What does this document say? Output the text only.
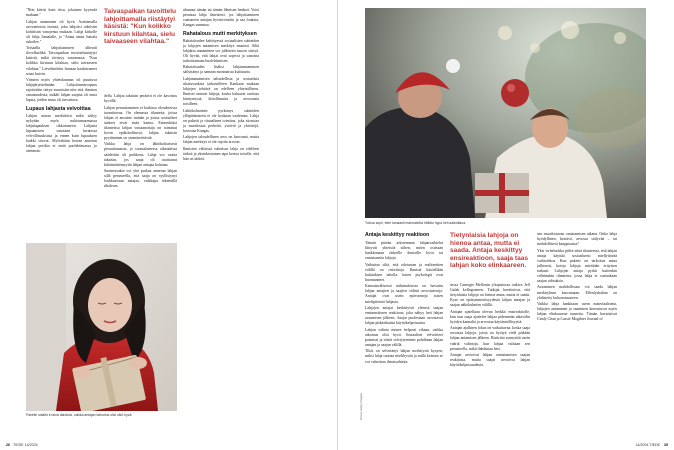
"Niin kävisi kuin riisu, jokainen kyynvää mukaan."

Lahjan antaminen oli hyvä. Asettamalla avovanteista itsensä, joka lahjoitti oikeisiin kohtiisiin vanojensa mukaan. Lahja kirkolle oli lahja Jumalalle, ja "Antaa antaa Jumala rukoilee."

Toisaalla lahjoittaminen alheutti ilovelkailikä. Taivaspaikan tavoitteluistäytyi käsistä, mikä tävistyy sanomassa: "Kun kolikko kirstuun kilahtaa, sielu taivaaseen vilahtaa." Lievelmöitiin hintaan kauhistuneet sotaa kuivin.

Viimein myös yhteiskunnan oli puuttuva lahjajärjestelmään. Lahjoittamisvapaus rajoitettiin tietyn suuruisiin niin että ihmisen omaisuudesta, mikäli lahjan saajina oli omia lapsia, joiden etuus oli turvattava.

Lupaus lahjasta velvoittaa

Lahjan seuraa merkittävä mikä säilyy nykyään myös nuhtaamuomassa lahjalupauksen rikkomiseen. Lahjasta lupaamisen sanotaan luvatessa velvollisuuksista ja ennen kuin lupauksen kaikki sitovat. Mylvekään kerran annetun lahjan perikin ei enää puolehtimassa jo aiemmin.

Taivaspaikan tavoittelu lahjoittamalla riistäytyi käsistä: "Kun kolikko kirstuun kilahtaa, sielu taivaaseen vilahtaa."

della. Lahjaa takaisin peräävä ei ole kasvatus hyvällä.

Lahjan peruuttaminen ei kaikissa olosuhteissa tuomittavaa. On olemassa tilanteita, joissa lahjan ei ansaitse mitään ja joissa sosiaaliset suhteet eivät enää kanna. Esimerkiksi tilanteissa lahjan vastaanottaja on toiminut kovin epäkiitollisesti, lahjan takaisin pyytäminen on ymmärrettävää.

Vaikka lahja on lähtökohtaisesti peruuttamaton, jo toomalainessa oikeudessa säädettiin oli poikkeus. Lahja voi vaatia takaisin, jos saaja oli osoittanut kiittämättömyyttä lahjan antajaa kohtaan.

Suomessakin voi yhä purkaa annetun lahjan sillä perusteella, että saaja on syyllistynyt loukkaavaan antajaa, vaikkapa tekemällä rikoksen.

uhannut tämän tai tämän läheisen henkeä. Voisi perustaa lahja ilmeisesti, jos lahjoittaminen vaatuneen antajan hyvinvointiin ja saa loukata, Kangas summaa.

Rahatalous mutti merkityksen

Rahatalouden kehittyessä sosiaalisten suhteiden ja lahjojen antamisen merkitys muuttui. Siltä lahjakin annaminen voi julkiseen tasoon siirtyä. Oli hyvää, että lahjat ovat sopivat ja sanoista tarkoittamaan huolehtimisen.

Rahatalouden lisäksi lahjanantaminen säilyttänyt ja samaan moninaista kulttuuria.

Lahjanantamisen taloudellisia ja sosiaalisia ulottuvuuksia tarkastelleen Kankaan mukaan lahjojen tehtävä on edelleen yhteisöllinen. Ihmiset antavat lahjoja, koska haluavat osoittaa kiintymystä, kiitollisuutta ja arvostusta toisilleen.

Lähtökohtainen pyrkimys suhteiden ylläpitämiseen ei ole koskaan vaalennut. Lahja on paketti ja rituaalinen toimitus, joka sitouttaa ja muodostaa perheitä, ystäviä ja yhteisöjä, korostaa Kangas.

Lahjojen taloudellinen arvo on kasvanut, mutta lahjan merkitys ei ole rajoitu arvoon.

Ihmisten välisissä suhteissa lahja on edelleen tärkeä ja yksinkertainen tapa kertoa toiselle, että hän on tärkeä.

Paketin sisältö ei aina dahduta, vaikka antajan tarkoitus olisi ollut hyvä.
26 TIEDE 14/2024
Toivoa sopii, ettei lomaasti mainostetta hittiälu hypa heti aattoiltana.
Kuvat: Getty Images
Antaja keskittyy reaktioon

Tämän päivän arkisemmat lahjanvaihtelut liittyvät yhteisöä siihen, miten ostetaan hankkimaan tärkeille ihmisille hyvä tai onnistuneita lahjoja.

Vaikuttaa siltä, että odotusten ja realiteettien välillä on ristiriitoja. Ihmisiä käsitellään kulutuksen taholla, kuten psykologit ovat huomanneet.

Kansainvälisessä tutkimuksessa on havaittu lahjan antajien ja saajien välisiä arvostuseroja. Antajat ovat usein epävarmoja toisen mielipiteestä lahjasta.

Lahjojen antajat keskittyvät yleensä saajan ensimmäiseen reaktioon, joka näkyy heti lahjan avaamisen jälkeen. Saajat puolestaan arvostavat lahjan pitkäaikaista käyttökelpoisuutta.

Lahjan valinta menee helposti vikaan, vaikka aikomus olisi hyvä. Sosiaaliset velvoitteet painavat ja niistä selviytyminen pohditaan lahjan antajan ja saajan välillä.

Tiloit on selvittänyt lahjan merkitystä kysyen, miksi lahja tuottaa mielihyvää ja millä keinoin se voi vahvistaa ihmissuhteita.

Tietynlaisia lahjoja on hienoa antaa, mutta ei saada. Antaja keskittyy ensireaktioon, saaja taas lahjan koko elinkaareen.

sessa Carnegie Mellonin yliopistossa tutkiva Jeff Galak kollegoineen. Tutkijat havaitsivat, että tietynlaisia lahjoja on hienoa antaa, mutta ei saada. Kyse on epäsymmetrisyydestä lahjan antajan ja saajan näkökulmien välillä.

Antajan ajatellaan olevan herkkä ensireaktiolle, kun taas saaja ajattelee lahjaa pidemmän aikavälin hyödyn kannalta ja arvostaa käytännöllisyyttä.

Antajan ajallinen fokus on vaikuttavaa, koska saaja arvostaa lahjoja, joista on hyötyä vielä pitkään lahjan antamisen jälkeen. Ristiriita synnyttää usein vääriä valintoja, kun lahjaa valitaan sen perusteella, mikä ilahduttaa heti.

Antajat arvioivat lahjan onnistumisen saajan reaktiosta, mutta saajat arvioivat lahjan käyttökelpoisuudesta.

sen muodostavan omistamisen aikana. Onko lahja hyödyllinen, kestävä, arvossa säilyvää – tai mahdollisesti kauppiaasta?

Yksi virheluokka piilee siinä tilanteesta, että lahjan antaja käyttää sosiaalisesti miellyttävää vaihtoehtoa. Kun paketti on tarkoitus antaa julkisesti, koteja lahjoja mietitään erityisen tarkasti. Lahjojen antaja pyrkii kuitenkin välttämään tilannetta, jossa lahja ei vastaakaan saajan odotuksia.

Avaaminen mahdollisuus voi saada lahjan merkityksen kasvamaan. Ellenlyshaban on yhdistetty kokonaisuuteen.

Vaikka lahja hankitaan usein materiaalisena, lahjojen antaminen ja saaminen kietoutuvat myös lahjan elinkaarena tunnetta. Tämän havaitsivat Cindy Chan ja Cassie Mogilner Journal of

14/2024 TIEDE 35
